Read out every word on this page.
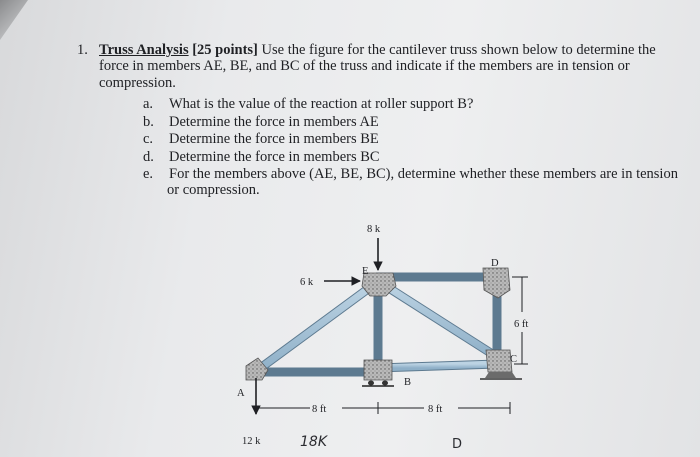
1. Truss Analysis [25 points] Use the figure for the cantilever truss shown below to determine the
force in members AE, BE, and BC of the truss and indicate if the members are in tension or
compression.
a.	What is the value of the reaction at roller support B?
b.	Determine the force in members AE
c.	Determine the force in members BE
d.	Determine the force in members BC
e.	For the members above (AE, BE, BC), determine whether these members are in tension
or compression.
8 k
6 k
12 k
A
B
C
D
E
8 ft	8 ft
6 ft
18K	D
